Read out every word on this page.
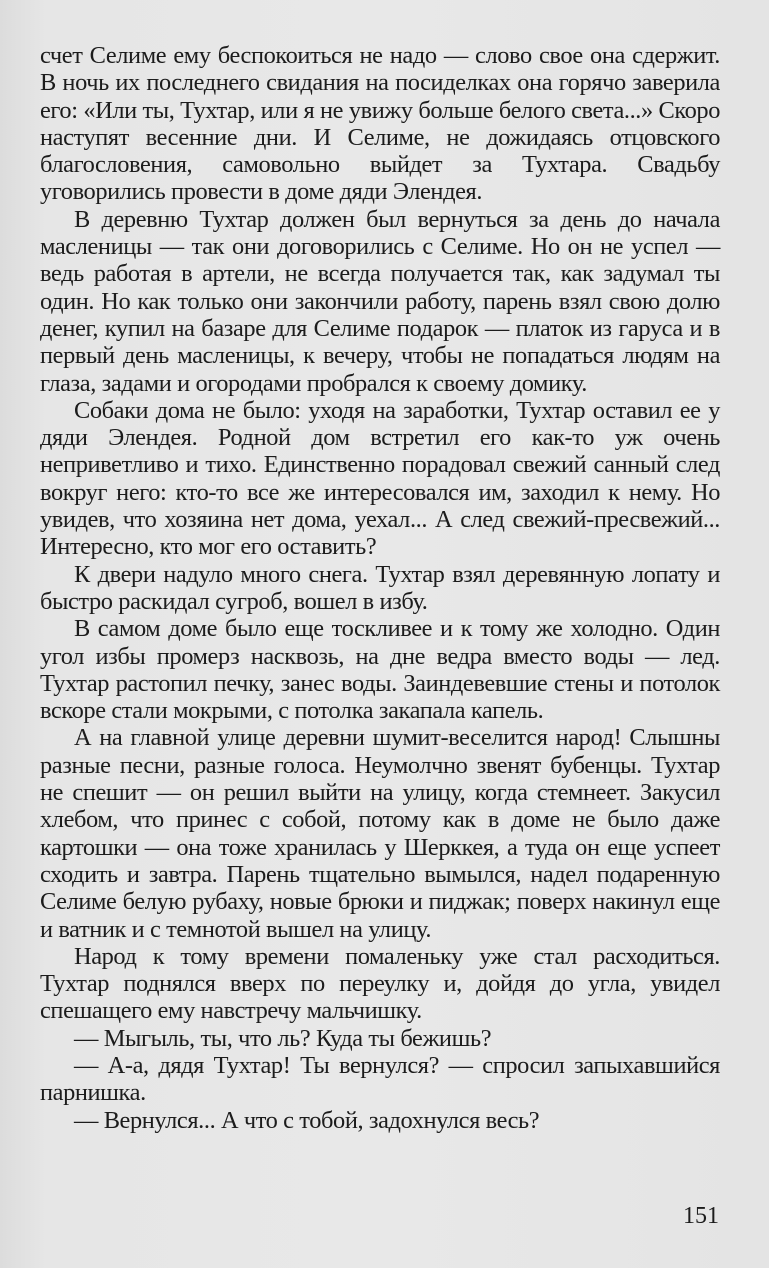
счет Селиме ему беспокоиться не надо — слово свое она сдержит. В ночь их последнего свидания на посиделках она горячо заверила его: «Или ты, Тухтар, или я не увижу больше белого света...» Скоро наступят весенние дни. И Селиме, не дожидаясь отцовского благословения, самовольно выйдет за Тухтара. Свадьбу уговорились провести в доме дяди Элендея.

В деревню Тухтар должен был вернуться за день до начала масленицы — так они договорились с Селиме. Но он не успел — ведь работая в артели, не всегда получается так, как задумал ты один. Но как только они закончили работу, парень взял свою долю денег, купил на базаре для Селиме подарок — платок из гаруса и в первый день масленицы, к вечеру, чтобы не попадаться людям на глаза, задами и огородами пробрался к своему домику.

Собаки дома не было: уходя на заработки, Тухтар оставил ее у дяди Элендея. Родной дом встретил его как-то уж очень неприветливо и тихо. Единственно порадовал свежий санный след вокруг него: кто-то все же интересовался им, заходил к нему. Но увидев, что хозяина нет дома, уехал... А след свежий-пресвежий... Интересно, кто мог его оставить?

К двери надуло много снега. Тухтар взял деревянную лопату и быстро раскидал сугроб, вошел в избу.

В самом доме было еще тоскливее и к тому же холодно. Один угол избы промерз насквозь, на дне ведра вместо воды — лед. Тухтар растопил печку, занес воды. Заиндевевшие стены и потолок вскоре стали мокрыми, с потолка закапала капель.

А на главной улице деревни шумит-веселится народ! Слышны разные песни, разные голоса. Неумолчно звенят бубенцы. Тухтар не спешит — он решил выйти на улицу, когда стемнеет. Закусил хлебом, что принес с собой, потому как в доме не было даже картошки — она тоже хранилась у Шерккея, а туда он еще успеет сходить и завтра. Парень тщательно вымылся, надел подаренную Селиме белую рубаху, новые брюки и пиджак; поверх накинул еще и ватник и с темнотой вышел на улицу.

Народ к тому времени помаленьку уже стал расходиться. Тухтар поднялся вверх по переулку и, дойдя до угла, увидел спешащего ему навстречу мальчишку.

— Мыгыль, ты, что ль? Куда ты бежишь?

— А-а, дядя Тухтар! Ты вернулся? — спросил запыхавшийся парнишка.

— Вернулся... А что с тобой, задохнулся весь?

151
